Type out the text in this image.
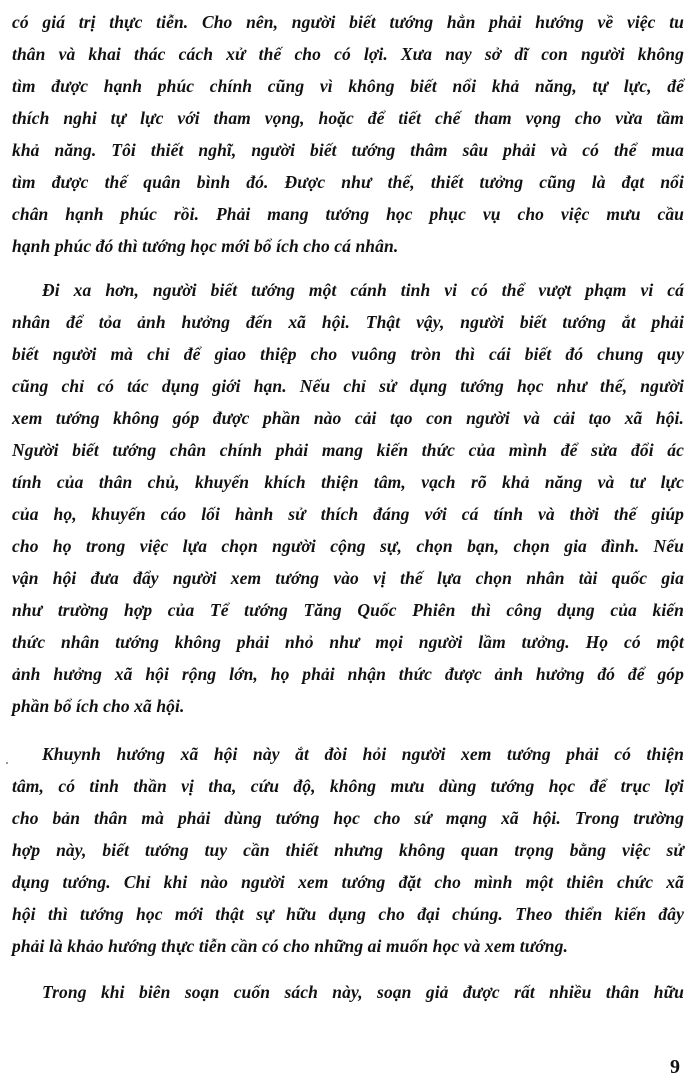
có giá trị thực tiễn. Cho nên, người biết tướng hẳn phải hướng về việc tu
thân và khai thác cách xử thế cho có lợi. Xưa nay sở dĩ con người không
tìm được hạnh phúc chính cũng vì không biết nổi khả năng, tự lực, để
thích nghi tự lực với tham vọng, hoặc để tiết chế tham vọng cho vừa tầm
khả năng. Tôi thiết nghĩ, người biết tướng thâm sâu phải và có thể mua
tìm được thế quân bình đó. Được như thế, thiết tưởng cũng là đạt nổi
chân hạnh phúc rồi. Phải mang tướng học phục vụ cho việc mưu cầu
hạnh phúc đó thì tướng học mới bổ ích cho cá nhân.
Đi xa hơn, người biết tướng một cánh tinh vi có thể vượt phạm vi cá
nhân để tỏa ảnh hưởng đến xã hội. Thật vậy, người biết tướng ắt phải
biết người mà chỉ để giao thiệp cho vuông tròn thì cái biết đó chung quy
cũng chỉ có tác dụng giới hạn. Nếu chỉ sử dụng tướng học như thế, người
xem tướng không góp được phần nào cải tạo con người và cải tạo xã hội.
Người biết tướng chân chính phải mang kiến thức của mình để sửa đổi ác
tính của thân chủ, khuyến khích thiện tâm, vạch rõ khả năng và tư lực
của họ, khuyến cáo lối hành sử thích đáng với cá tính và thời thế giúp
cho họ trong việc lựa chọn người cộng sự, chọn bạn, chọn gia đình. Nếu
vận hội đưa đẩy người xem tướng vào vị thế lựa chọn nhân tài quốc gia
như trường hợp của Tể tướng Tăng Quốc Phiên thì công dụng của kiến
thức nhân tướng không phải nhỏ như mọi người lầm tưởng. Họ có một
ảnh hưởng xã hội rộng lớn, họ phải nhận thức được ảnh hưởng đó để góp
phần bổ ích cho xã hội.
Khuynh hướng xã hội này ắt đòi hỏi người xem tướng phải có thiện
tâm, có tinh thần vị tha, cứu độ, không mưu dùng tướng học để trục lợi
cho bản thân mà phải dùng tướng học cho sứ mạng xã hội. Trong trường
hợp này, biết tướng tuy cần thiết nhưng không quan trọng bằng việc sử
dụng tướng. Chỉ khi nào người xem tướng đặt cho mình một thiên chức xã
hội thì tướng học mới thật sự hữu dụng cho đại chúng. Theo thiển kiến đây
phải là khảo hướng thực tiễn cần có cho những ai muốn học và xem tướng.
Trong khi biên soạn cuốn sách này, soạn giả được rất nhiều thân hữu
9
